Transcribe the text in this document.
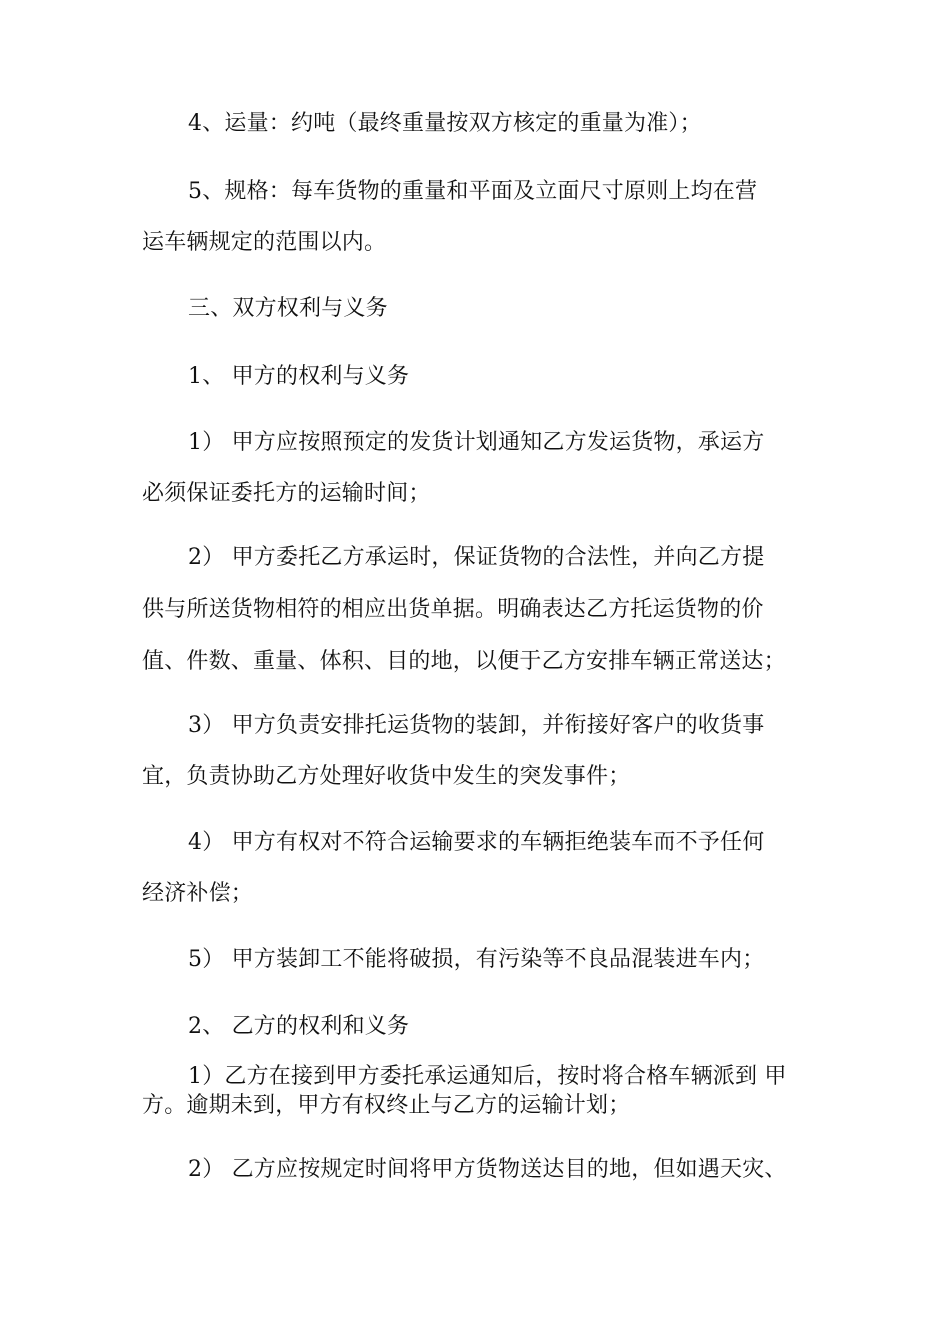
4、运量：约吨（最终重量按双方核定的重量为准）；
5、规格：每车货物的重量和平面及立面尺寸原则上均在营
运车辆规定的范围以内。
三、双方权利与义务
1、 甲方的权利与义务
1） 甲方应按照预定的发货计划通知乙方发运货物，承运方
必须保证委托方的运输时间；
2） 甲方委托乙方承运时，保证货物的合法性，并向乙方提
供与所送货物相符的相应出货单据。明确表达乙方托运货物的价
值、件数、重量、体积、目的地，以便于乙方安排车辆正常送达；
3） 甲方负责安排托运货物的装卸，并衔接好客户的收货事
宜，负责协助乙方处理好收货中发生的突发事件；
4） 甲方有权对不符合运输要求的车辆拒绝装车而不予任何
经济补偿；
5） 甲方装卸工不能将破损，有污染等不良品混装进车内；
2、 乙方的权利和义务
1）乙方在接到甲方委托承运通知后，按时将合格车辆派到 甲
方。逾期未到，甲方有权终止与乙方的运输计划；
2） 乙方应按规定时间将甲方货物送达目的地，但如遇天灾、
